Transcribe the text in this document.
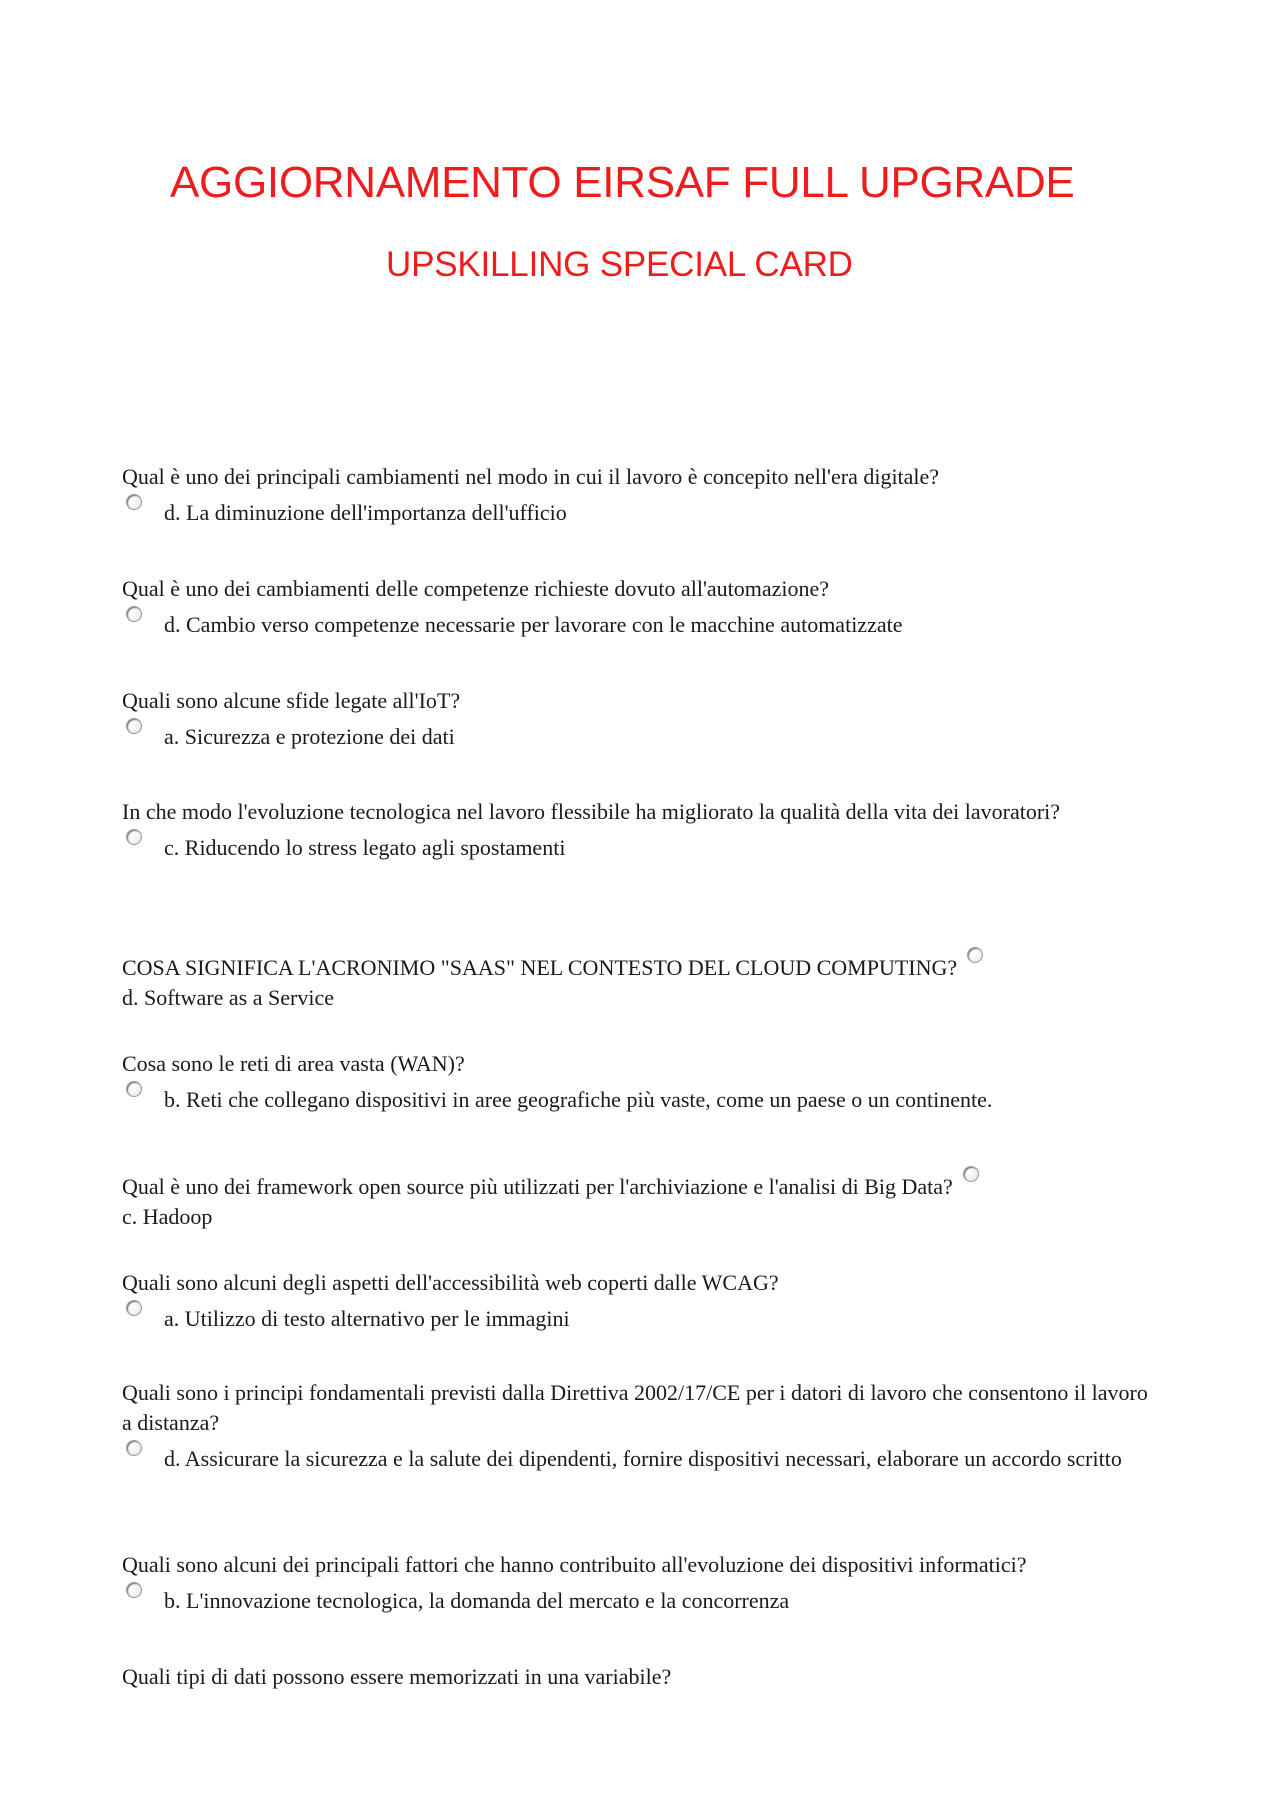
AGGIORNAMENTO EIRSAF FULL UPGRADE
UPSKILLING SPECIAL CARD

Qual è uno dei principali cambiamenti nel modo in cui il lavoro è concepito nell'era digitale?

d. La diminuzione dell'importanza dell'ufficio

Qual è uno dei cambiamenti delle competenze richieste dovuto all'automazione?

d. Cambio verso competenze necessarie per lavorare con le macchine automatizzate

Quali sono alcune sfide legate all'IoT?

a. Sicurezza e protezione dei dati

In che modo l'evoluzione tecnologica nel lavoro flessibile ha migliorato la qualità della vita dei lavoratori?

c. Riducendo lo stress legato agli spostamenti

COSA SIGNIFICA L'ACRONIMO "SAAS" NEL CONTESTO DEL CLOUD COMPUTING?

d. Software as a Service

Cosa sono le reti di area vasta (WAN)?

b. Reti che collegano dispositivi in aree geografiche più vaste, come un paese o un continente.

Qual è uno dei framework open source più utilizzati per l'archiviazione e l'analisi di Big Data?

c. Hadoop

Quali sono alcuni degli aspetti dell'accessibilità web coperti dalle WCAG?

a. Utilizzo di testo alternativo per le immagini

Quali sono i principi fondamentali previsti dalla Direttiva 2002/17/CE per i datori di lavoro che consentono il lavoro a distanza?

d. Assicurare la sicurezza e la salute dei dipendenti, fornire dispositivi necessari, elaborare un accordo scritto

Quali sono alcuni dei principali fattori che hanno contribuito all'evoluzione dei dispositivi informatici?

b. L'innovazione tecnologica, la domanda del mercato e la concorrenza

Quali tipi di dati possono essere memorizzati in una variabile?
